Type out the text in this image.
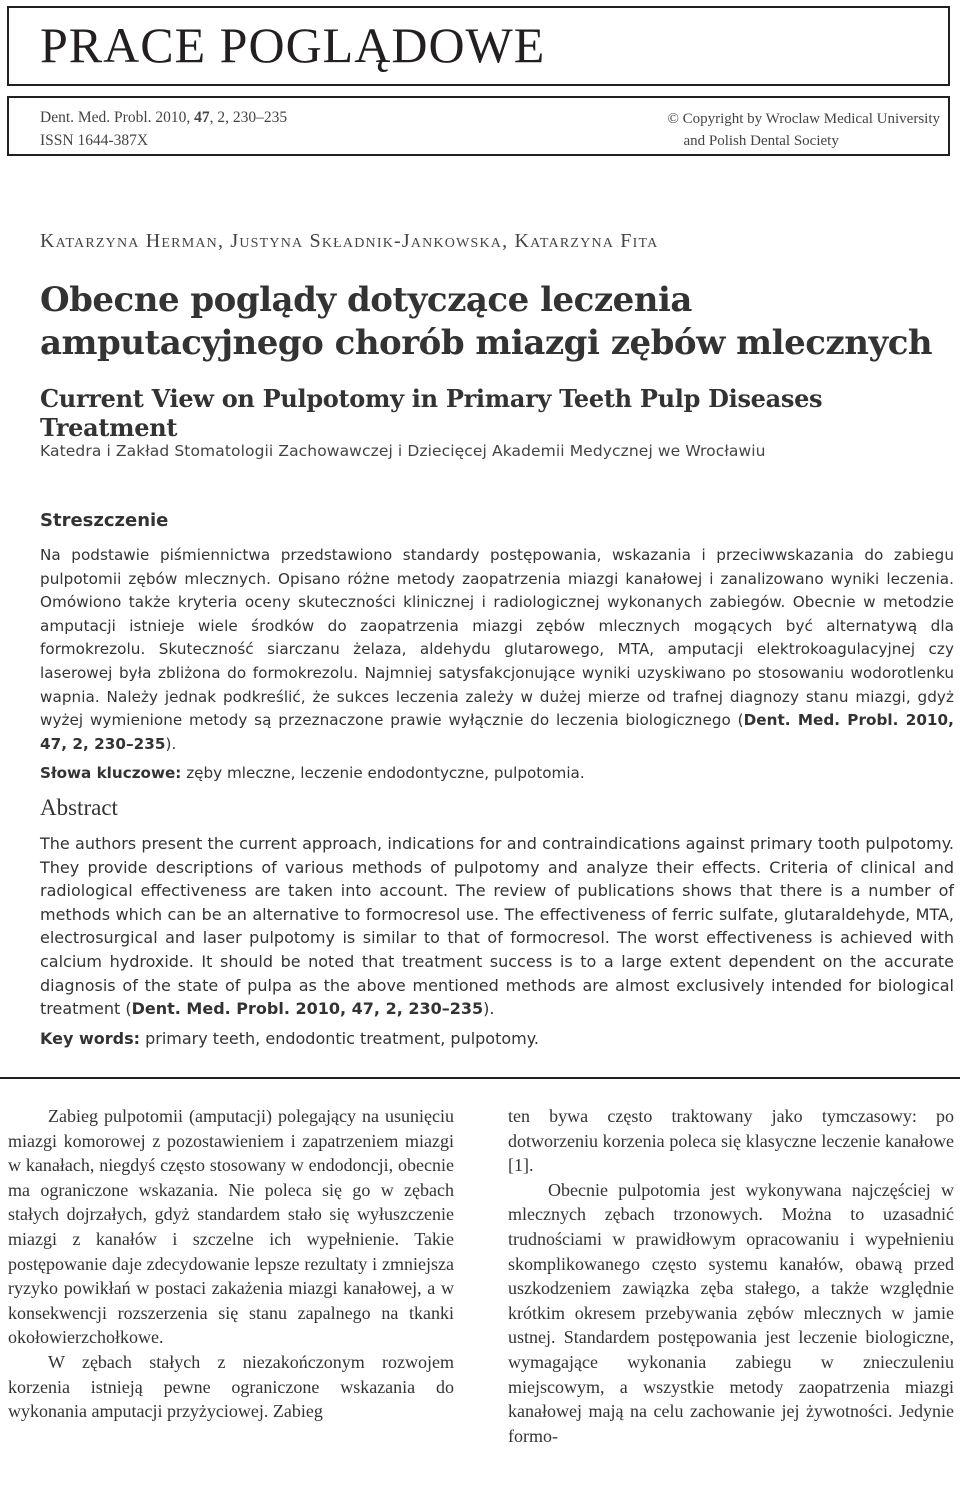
PRACE POGLĄDOWE
Dent. Med. Probl. 2010, 47, 2, 230–235
ISSN 1644-387X
© Copyright by Wroclaw Medical University
and Polish Dental Society
Katarzyna Herman, Justyna Składnik-Jankowska, Katarzyna Fita
Obecne poglądy dotyczące leczenia amputacyjnego chorób miazgi zębów mlecznych
Current View on Pulpotomy in Primary Teeth Pulp Diseases Treatment
Katedra i Zakład Stomatologii Zachowawczej i Dziecięcej Akademii Medycznej we Wrocławiu
Streszczenie
Na podstawie piśmiennictwa przedstawiono standardy postępowania, wskazania i przeciwwskazania do zabiegu pulpotomii zębów mlecznych. Opisano różne metody zaopatrzenia miazgi kanałowej i zanalizowano wyniki leczenia. Omówiono także kryteria oceny skuteczności klinicznej i radiologicznej wykonanych zabiegów. Obecnie w metodzie amputacji istnieje wiele środków do zaopatrzenia miazgi zębów mlecznych mogących być alternatywą dla formokrezolu. Skuteczność siarczanu żelaza, aldehydu glutarowego, MTA, amputacji elektrokoagulacyjnej czy laserowej była zbliżona do formokrezolu. Najmniej satysfakcjonujące wyniki uzyskiwano po stosowaniu wodorotlenku wapnia. Należy jednak podkreślić, że sukces leczenia zależy w dużej mierze od trafnej diagnozy stanu miazgi, gdyż wyżej wymienione metody są przeznaczone prawie wyłącznie do leczenia biologicznego (Dent. Med. Probl. 2010, 47, 2, 230–235).
Słowa kluczowe: zęby mleczne, leczenie endodontyczne, pulpotomia.
Abstract
The authors present the current approach, indications for and contraindications against primary tooth pulpotomy. They provide descriptions of various methods of pulpotomy and analyze their effects. Criteria of clinical and radiological effectiveness are taken into account. The review of publications shows that there is a number of methods which can be an alternative to formocresol use. The effectiveness of ferric sulfate, glutaraldehyde, MTA, electrosurgical and laser pulpotomy is similar to that of formocresol. The worst effectiveness is achieved with calcium hydroxide. It should be noted that treatment success is to a large extent dependent on the accurate diagnosis of the state of pulpa as the above mentioned methods are almost exclusively intended for biological treatment (Dent. Med. Probl. 2010, 47, 2, 230–235).
Key words: primary teeth, endodontic treatment, pulpotomy.

Zabieg pulpotomii (amputacji) polegający na usunięciu miazgi komorowej z pozostawieniem i zapatrzeniem miazgi w kanałach, niegdyś często stosowany w endodoncji, obecnie ma ograniczone wskazania. Nie poleca się go w zębach stałych dojrzałych, gdyż standardem stało się wyłuszczenie miazgi z kanałów i szczelne ich wypełnienie. Takie postępowanie daje zdecydowanie lepsze rezultaty i zmniejsza ryzyko powikłań w postaci zakażenia miazgi kanałowej, a w konsekwencji rozszerzenia się stanu zapalnego na tkanki okołowierzchołkowe.

W zębach stałych z niezakończonym rozwojem korzenia istnieją pewne ograniczone wskazania do wykonania amputacji przyżyciowej. Zabieg

ten bywa często traktowany jako tymczasowy: po dotworzeniu korzenia poleca się klasyczne leczenie kanałowe [1].

Obecnie pulpotomia jest wykonywana najczęściej w mlecznych zębach trzonowych. Można to uzasadnić trudnościami w prawidłowym opracowaniu i wypełnieniu skomplikowanego często systemu kanałów, obawą przed uszkodzeniem zawiązka zęba stałego, a także względnie krótkim okresem przebywania zębów mlecznych w jamie ustnej. Standardem postępowania jest leczenie biologiczne, wymagające wykonania zabiegu w znieczuleniu miejscowym, a wszystkie metody zaopatrzenia miazgi kanałowej mają na celu zachowanie jej żywotności. Jedynie formo-
